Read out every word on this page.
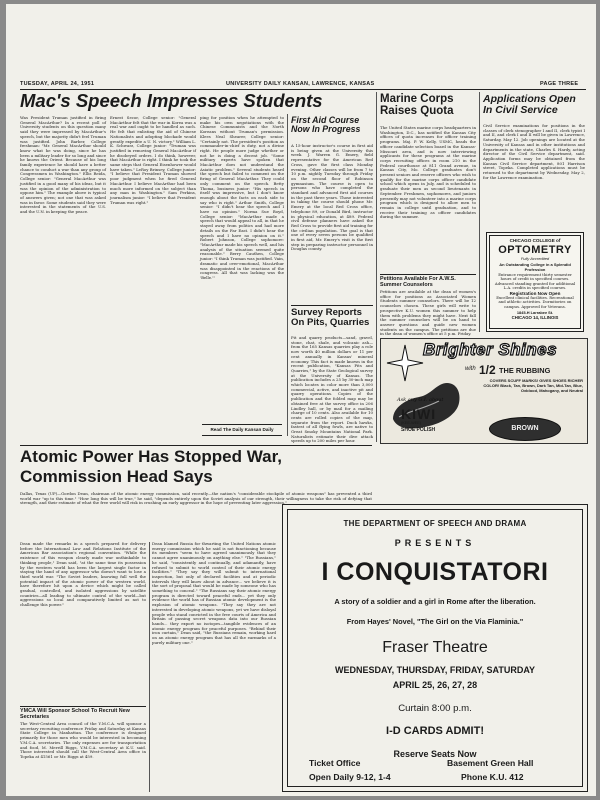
TUESDAY, APRIL 24, 1951	UNIVERSITY DAILY KANSAN, LAWRENCE, KANSAS	PAGE THREE
Mac's Speech Impresses Students
Was President Truman justified in firing General MacArthur? In a recent poll of University students on this question many said they were impressed by MacArthur's speech, but the majority didn't feel Truman was justified. John Barber, College freshman: "Mr. General MacArthur should know what he was doing, since he has been a military leader for so long and since he knows the Orient. Because of his long family experience he should have a better chance to conduct a war than any group of Congressmen in Washington." Ellis Reida, College senior: "General MacArthur was justified in a good many of his ideas, but it was the opinion of the administration to oppose him." The example above is typical of answers given; not one that was asked was in favor. Some students said they were interested in the statements of the U.S. and the U.N. in keeping the peace.
Ernest Secor, College senior: "General MacArthur felt that the war in Korea was a real war and ought to be handled as such. He felt that enlisting the aid of Chinese Nationalists and adopting blockade would greatly expedite a U. N. victory." William L. K. Schwarz, College junior: "Truman was justified in removing General MacArthur if he disobeyed orders. I do think, however, that MacArthur is right. I think he took the same steps that General Eisenhower would have taken." LeRoy Brinsey, College junior: "I believe that President Truman showed poor judgment when he fired General MacArthur. I believe MacArthur had been much more informed on the subject than any man in Washington." Sam Perkins, journalism junior: "I believe that President Truman was right."
ping for position when he attempted to make his own negotiations with the Chinese Communists and the North Koreans without Truman's permission. Klees Neal Shearer, College senior: "Certainly not. The president's position as commander-in-chief is duty, not a divine right. He people more judge whether or not he is doing a decent job. "Some military experts have spoken that MacArthur does not understand the Asiatic problem." Several students heard the speech but failed to comment on the firing of General MacArthur. They could only comment on the speech. Betty Thoma, business junior: "His speech in itself was impressive, but I don't know enough about the facts on each side to say who is right." Arthur Smith, College senior: "I didn't hear the speech and I have no opinion." Norma Sue Boyd, College senior: "MacArthur made a speech that would appeal to all, in that he stayed away from politics and had more details on the Far East. I didn't hear the speech and I have no opinion on it." Robert Johnson, College sophomore: "MacArthur made his speech well, and his analysis of the situation seemed quite reasonable." Berry Cauthen, College junior: "I think Truman was justified. Vain, dramatic and over-emotional, MacArthur was disappointed in the reactions of the congress. All that was lacking was the 'Belle.'"
Read The Daily Kansan Daily
First Aid Course Now In Progress
A 15-hour instructor's course in first aid is being given at the University this week. J. Warren G. Emery, field representative for the American Red Cross, gave the first class Monday evening. Other classes will be from 7 to 10 p.m. nightly Tuesday through Friday on the second floor of Robinson gymnasium. The course is open to persons who have completed the standard and advanced first aid courses in the past three years. Those interested in taking the course should phone Mr. Emery at the local Red Cross office, telephone 89, or Donald Bird, instructor in physical education, at 489. Federal civil defense planners have asked the Red Cross to provide first aid training for the civilian population. The goal is that one of every seven persons be qualified in first aid, Mr. Emery's visit is the first step in preparing instructor personnel in Douglas county.
Survey Reports On Pits, Quarries
Pit and quarry products—sand, gravel, stone, chat, shale, and volcanic ash—from the 165 Kansas quarries play a role now worth 40 million dollars or 11 per cent annually in Kansas' mineral economy. This fact is made known in the recent publication, "Kansas Pits and Quarries," by the State Geological survey at the University of Kansas. The publication includes a 25 by 30-inch map which locates in color more than 3,000 commercial, active, and inactive pit and quarry operations. Copies of the publication and the folded map may be obtained free at the survey office in 206 Lindley hall, or by mail for a mailing charge of 10 cents. Also available for 10 cents are rolled copies of the map, separate from the report. Duck hawks, fastest of all flying fowls, are native to Great Smoky Mountains National Park. Naturalists estimate their dive attack speeds up to 200 miles per hour.
Marine Corps Raises Quota
The United States marine corps headquarters in Washington, D.C., has notified the Kansas City offices of quota increases for officer training programs. Maj. P. W. Kelly, USMC, heads the officer candidate selection board in the Kansas-Missouri area, and is now interviewing applicants for these programs at the marine corps recruiting offices in room 210 in the Federal courthouse at 811 Grand avenue, in Kansas City, Mo. College graduates don't present seniors and reserve officers who wish to qualify for the marine corps officer candidate school which opens in July, and is scheduled to graduate their men as second lieutenants in September. Freshmen, sophomores, and juniors presently may not volunteer into a marine corps program which is designed to allow men to remain in college until graduation, and to receive their training as officer candidates during the summer.
Petitions Available For A.W.S. Summer Counselors
Petitions are available at the dean of women's office for positions as Associated Women Students summer counselors. There will be 12 counselors chosen. These girls will write to prospective K.U. women this summer to help them with problems they might have. Next fall the summer counselors will be on hand to answer questions and guide new women students on the campus. The petitions are due in the dean of women's office at 5 p.m. Friday.
Applications Open In Civil Service
Civil Service examinations for positions in the classes of clerk stenographer I and II, clerk typist I and II, and clerk I and II will be given in Lawrence, Saturday, May 12. Job openings are located at the University of Kansas and in other institutions and departments in the state, Charles S. Hardy, acting director of the Civil Service department, said. Application forms may be obtained from the Kansas Civil Service department, 801 Harrison street, Topeka. Completed applications must be returned to the department by Wednesday, May 2, for the Lawrence examination.
CHICAGO COLLEGE of
OPTOMETRY
Fully Accredited
An Outstanding College in a Splendid Profession
Entrance requirement thirty semester hours of credit in specified courses. Advanced standing granted for additional L.A. credits in specified courses.
Registration Now Open
Excellent clinical facilities. Recreational and athletic activities. Dormitories on campus. Approved for Veterans.
1845-H Larrabee St.
CHICAGO 14, ILLINOIS
Brighter Shines
with 1/2 THE RUBBING
COVERS SCUFF MARKS! GIVES SHOES RICHER COLOR! Black, Tan, Brown, Dark Tan, Mid-Tan, Blue, Oxblood, Mahogany, and Neutral
Ask any G.I. about
KIWI
(KEE-WEE)
SHOE POLISH	BROWN
Atomic Power Has Stopped War, Commission Head Says
Dallas, Texas (UP)—Gordon Dean, chairman of the atomic energy commission, said recently—the nation's "considerable stockpile of atomic weapons" has prevented a third world war "up to this time." "How long this will be true," he said, "depends entirely upon the Soviet analysis of our strength, their willingness to take the risk of defying that strength, and their estimate of what the free world will risk in crushing an early aggressor in the hope of preventing later aggression."
Dean made the remarks in a speech prepared for delivery before the International Law and Relations Institute of the American Bar association's regional convention. "While the existence of this weapon clearly made war unthinkable to thinking people," Dean said, "at the same time its possession by the western world has been the largest single factor in staying the hand of any aggressor who doesn't want to lose a third world war. "The Soviet leaders, knowing full well the potential impact of the atomic power of the western world, have therefore hit upon a device which might be called gradual, controlled, and isolated aggressions by satellite countries—all leading to ultimate control of the world—but aggressions so local and comparatively limited as not to challenge this power."
Dean blamed Russia for thwarting the United Nations atomic energy commission which he said is not functioning because its members "seem to have agreed unanimously that they cannot agree unanimously on anything else." "The Russians," he said, "consistently and continually, and adamantly, have refused to submit to world control of their atomic energy facilities." "They say they will submit to international inspection, but only of declared facilities and at periodic intervals they will know about in advance... we believe it is the sort of proposal that would be made by someone who has something to conceal." "The Russians say their atomic energy program is directed toward peaceful ends... yet they only evidence the world has of Russian atomic development is the explosion of atomic weapons. "They say they are not interested in developing atomic weapons, yet we have disloyal people who stand convicted in the free courts of America and Britain of passing secret weapons data into our Russian hands... they export no isotopes—tangible evidences of an atomic energy program for peaceful purposes. "Behind their iron curtain," Dean said, "the Russians remain, working hard on an atomic energy program that has all the earmarks of a purely military one."
YMCA Will Sponsor School To Recruit New Secretaries
The West-Central Area council of the Y.M.C.A. will sponsor a secretary recruiting conference Friday and Saturday at Kansas State College in Manhattan. The conference is designed primarily for those men who would be interested in becoming Y.M.C.A. secretaries. The only expenses are for transportation and food, M. Merrill Riggs, Y.M.C.A. secretary at K.U. said. Those interested should call the West-Central Area office in Topeka at 41561 or Mr. Riggs at 459.
THE DEPARTMENT OF SPEECH AND DRAMA
PRESENTS
I CONQUISTATORI
A story of a soldier and a girl in Rome after the liberation.
From Hayes' Novel, "The Girl on the Via Flaminia."
Fraser Theatre
WEDNESDAY, THURSDAY, FRIDAY, SATURDAY
APRIL 25, 26, 27, 28
Curtain 8:00 p.m.
I-D CARDS ADMIT!
Reserve Seats Now
Ticket Office	Basement Green Hall
Open Daily 9-12, 1-4	Phone K.U. 412
